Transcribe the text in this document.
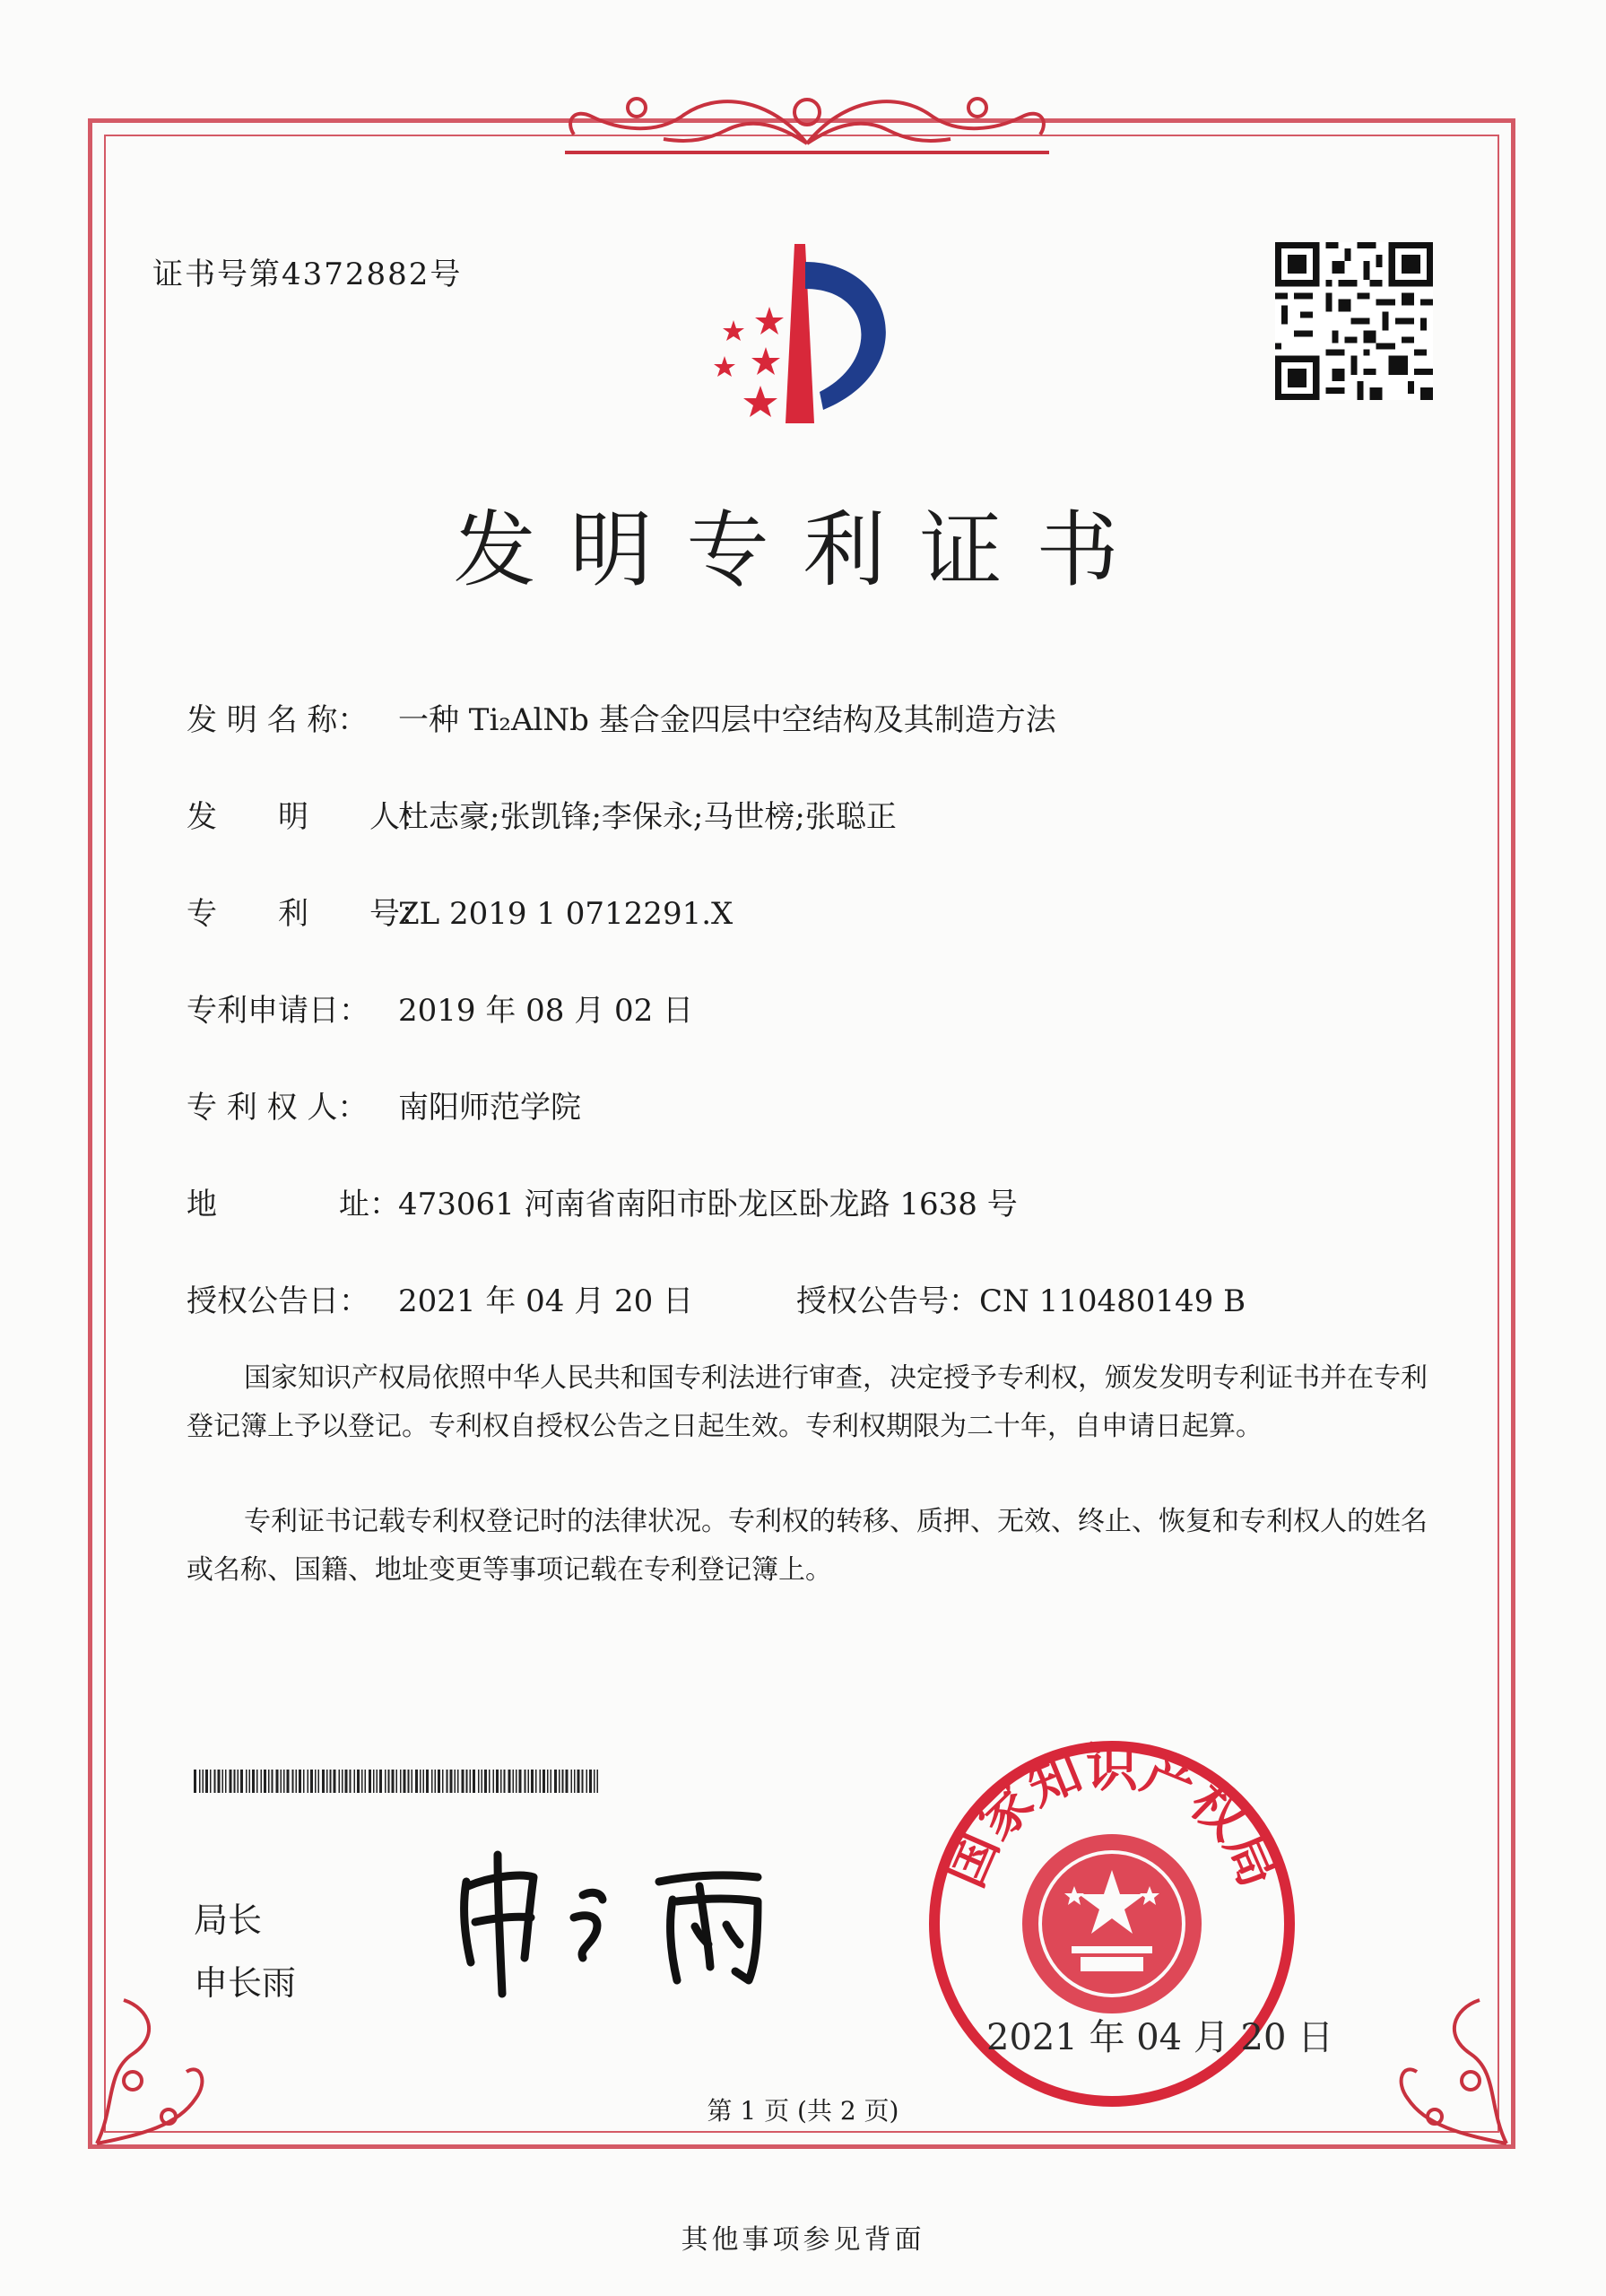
证书号第4372882号
发明专利证书
发 明 名 称： 一种 Ti₂AlNb 基合金四层中空结构及其制造方法
发　　明　　人：杜志豪;张凯锋;李保永;马世榜;张聪正
专　　利　　号：ZL 2019 1 0712291.X
专利申请日： 2019 年 08 月 02 日
专 利 权 人： 南阳师范学院
地　　　　址：473061 河南省南阳市卧龙区卧龙路 1638 号
授权公告日： 2021 年 04 月 20 日	授权公告号：CN 110480149 B
国家知识产权局依照中华人民共和国专利法进行审查，决定授予专利权，颁发发明专利证书并在专利登记簿上予以登记。专利权自授权公告之日起生效。专利权期限为二十年，自申请日起算。
专利证书记载专利权登记时的法律状况。专利权的转移、质押、无效、终止、恢复和专利权人的姓名或名称、国籍、地址变更等事项记载在专利登记簿上。
局长
申长雨
国家知识产权局
2021 年 04 月 20 日
第 1 页 (共 2 页)
其他事项参见背面
